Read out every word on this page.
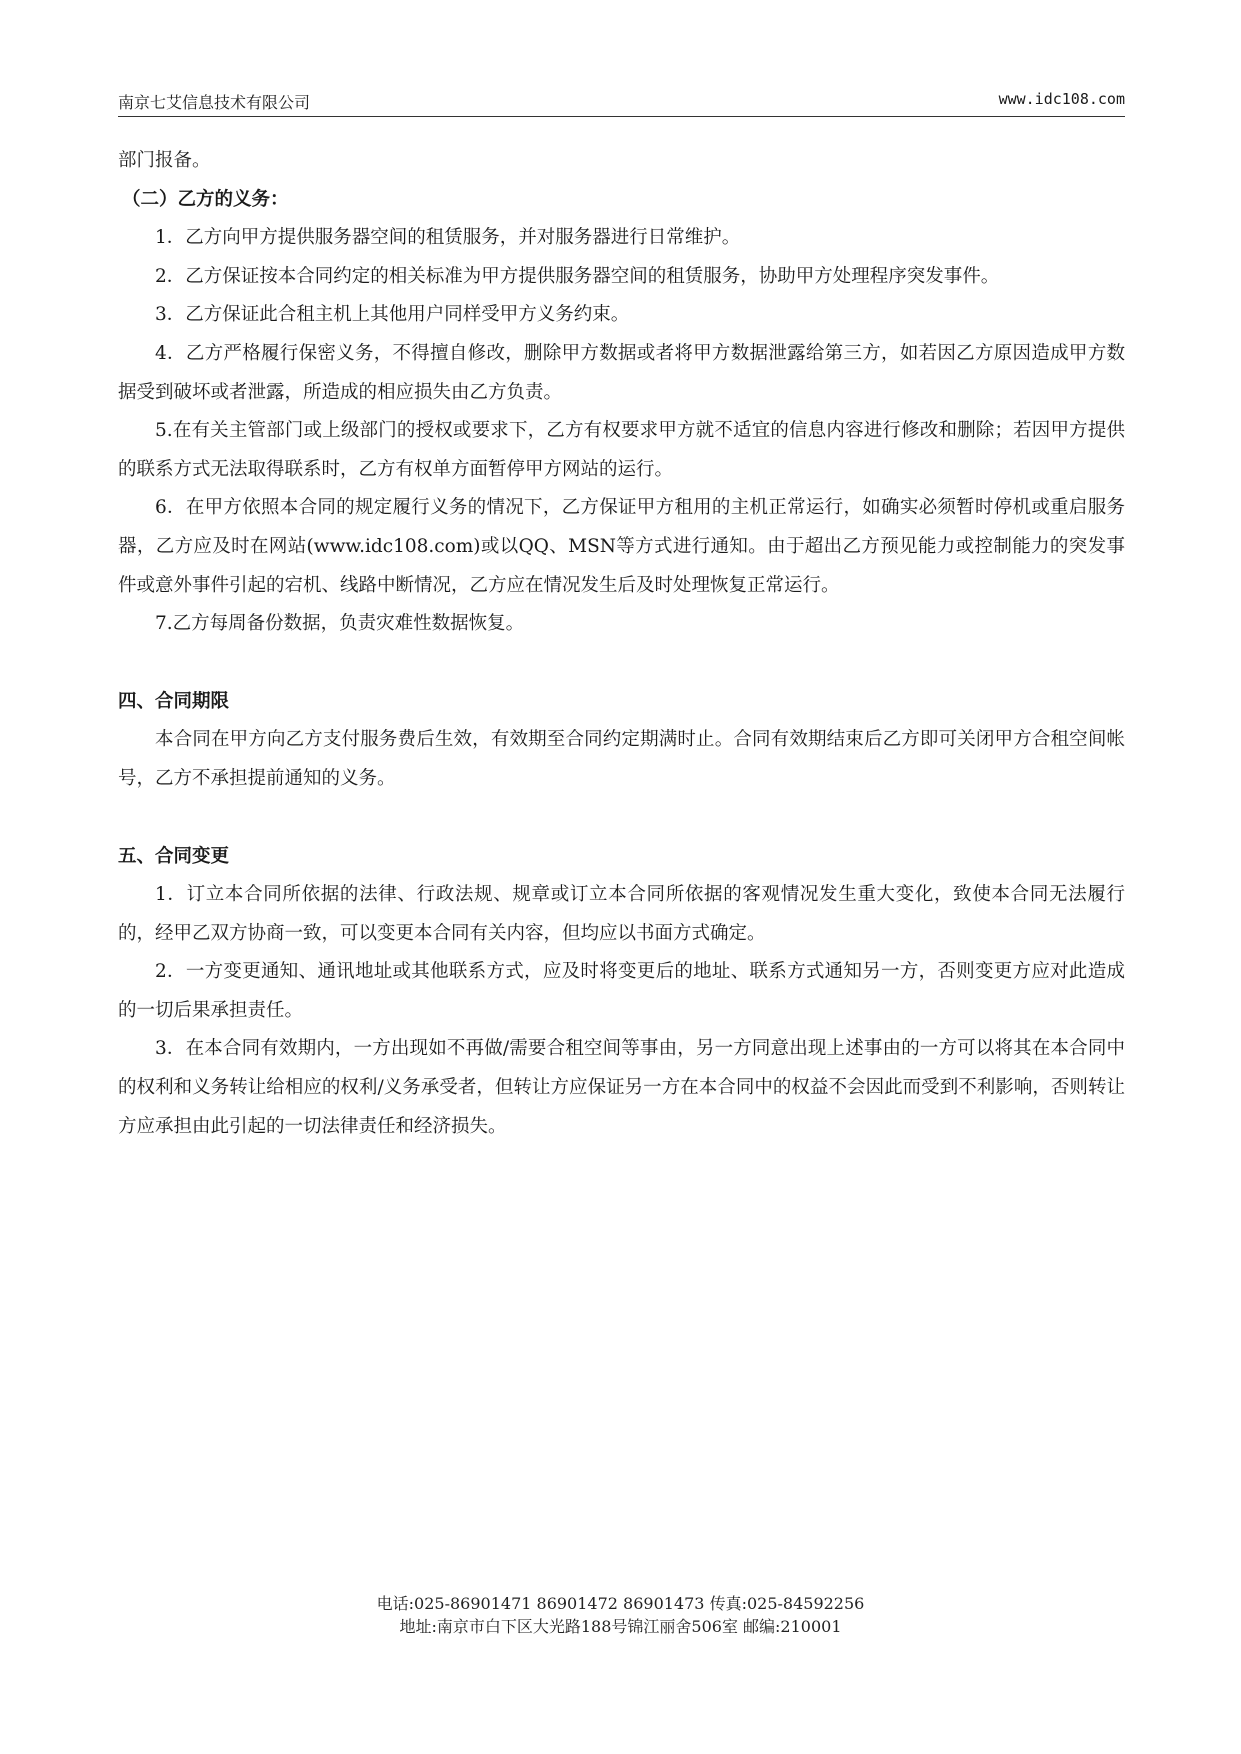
南京七艾信息技术有限公司	www.idc108.com

部门报备。

（二）乙方的义务：

1．乙方向甲方提供服务器空间的租赁服务，并对服务器进行日常维护。

2．乙方保证按本合同约定的相关标准为甲方提供服务器空间的租赁服务，协助甲方处理程序突发事件。

3．乙方保证此合租主机上其他用户同样受甲方义务约束。

4．乙方严格履行保密义务，不得擅自修改，删除甲方数据或者将甲方数据泄露给第三方，如若因乙方原因造成甲方数据受到破坏或者泄露，所造成的相应损失由乙方负责。

5.在有关主管部门或上级部门的授权或要求下，乙方有权要求甲方就不适宜的信息内容进行修改和删除；若因甲方提供的联系方式无法取得联系时，乙方有权单方面暂停甲方网站的运行。

6．在甲方依照本合同的规定履行义务的情况下，乙方保证甲方租用的主机正常运行，如确实必须暂时停机或重启服务器，乙方应及时在网站(www.idc108.com)或以QQ、MSN等方式进行通知。由于超出乙方预见能力或控制能力的突发事件或意外事件引起的宕机、线路中断情况，乙方应在情况发生后及时处理恢复正常运行。

7.乙方每周备份数据，负责灾难性数据恢复。

四、合同期限

本合同在甲方向乙方支付服务费后生效，有效期至合同约定期满时止。合同有效期结束后乙方即可关闭甲方合租空间帐号，乙方不承担提前通知的义务。

五、合同变更

1．订立本合同所依据的法律、行政法规、规章或订立本合同所依据的客观情况发生重大变化，致使本合同无法履行的，经甲乙双方协商一致，可以变更本合同有关内容，但均应以书面方式确定。

2．一方变更通知、通讯地址或其他联系方式，应及时将变更后的地址、联系方式通知另一方，否则变更方应对此造成的一切后果承担责任。

3．在本合同有效期内，一方出现如不再做/需要合租空间等事由，另一方同意出现上述事由的一方可以将其在本合同中的权利和义务转让给相应的权利/义务承受者，但转让方应保证另一方在本合同中的权益不会因此而受到不利影响，否则转让方应承担由此引起的一切法律责任和经济损失。

电话:025-86901471 86901472 86901473 传真:025-84592256
地址:南京市白下区大光路188号锦江丽舍506室 邮编:210001
